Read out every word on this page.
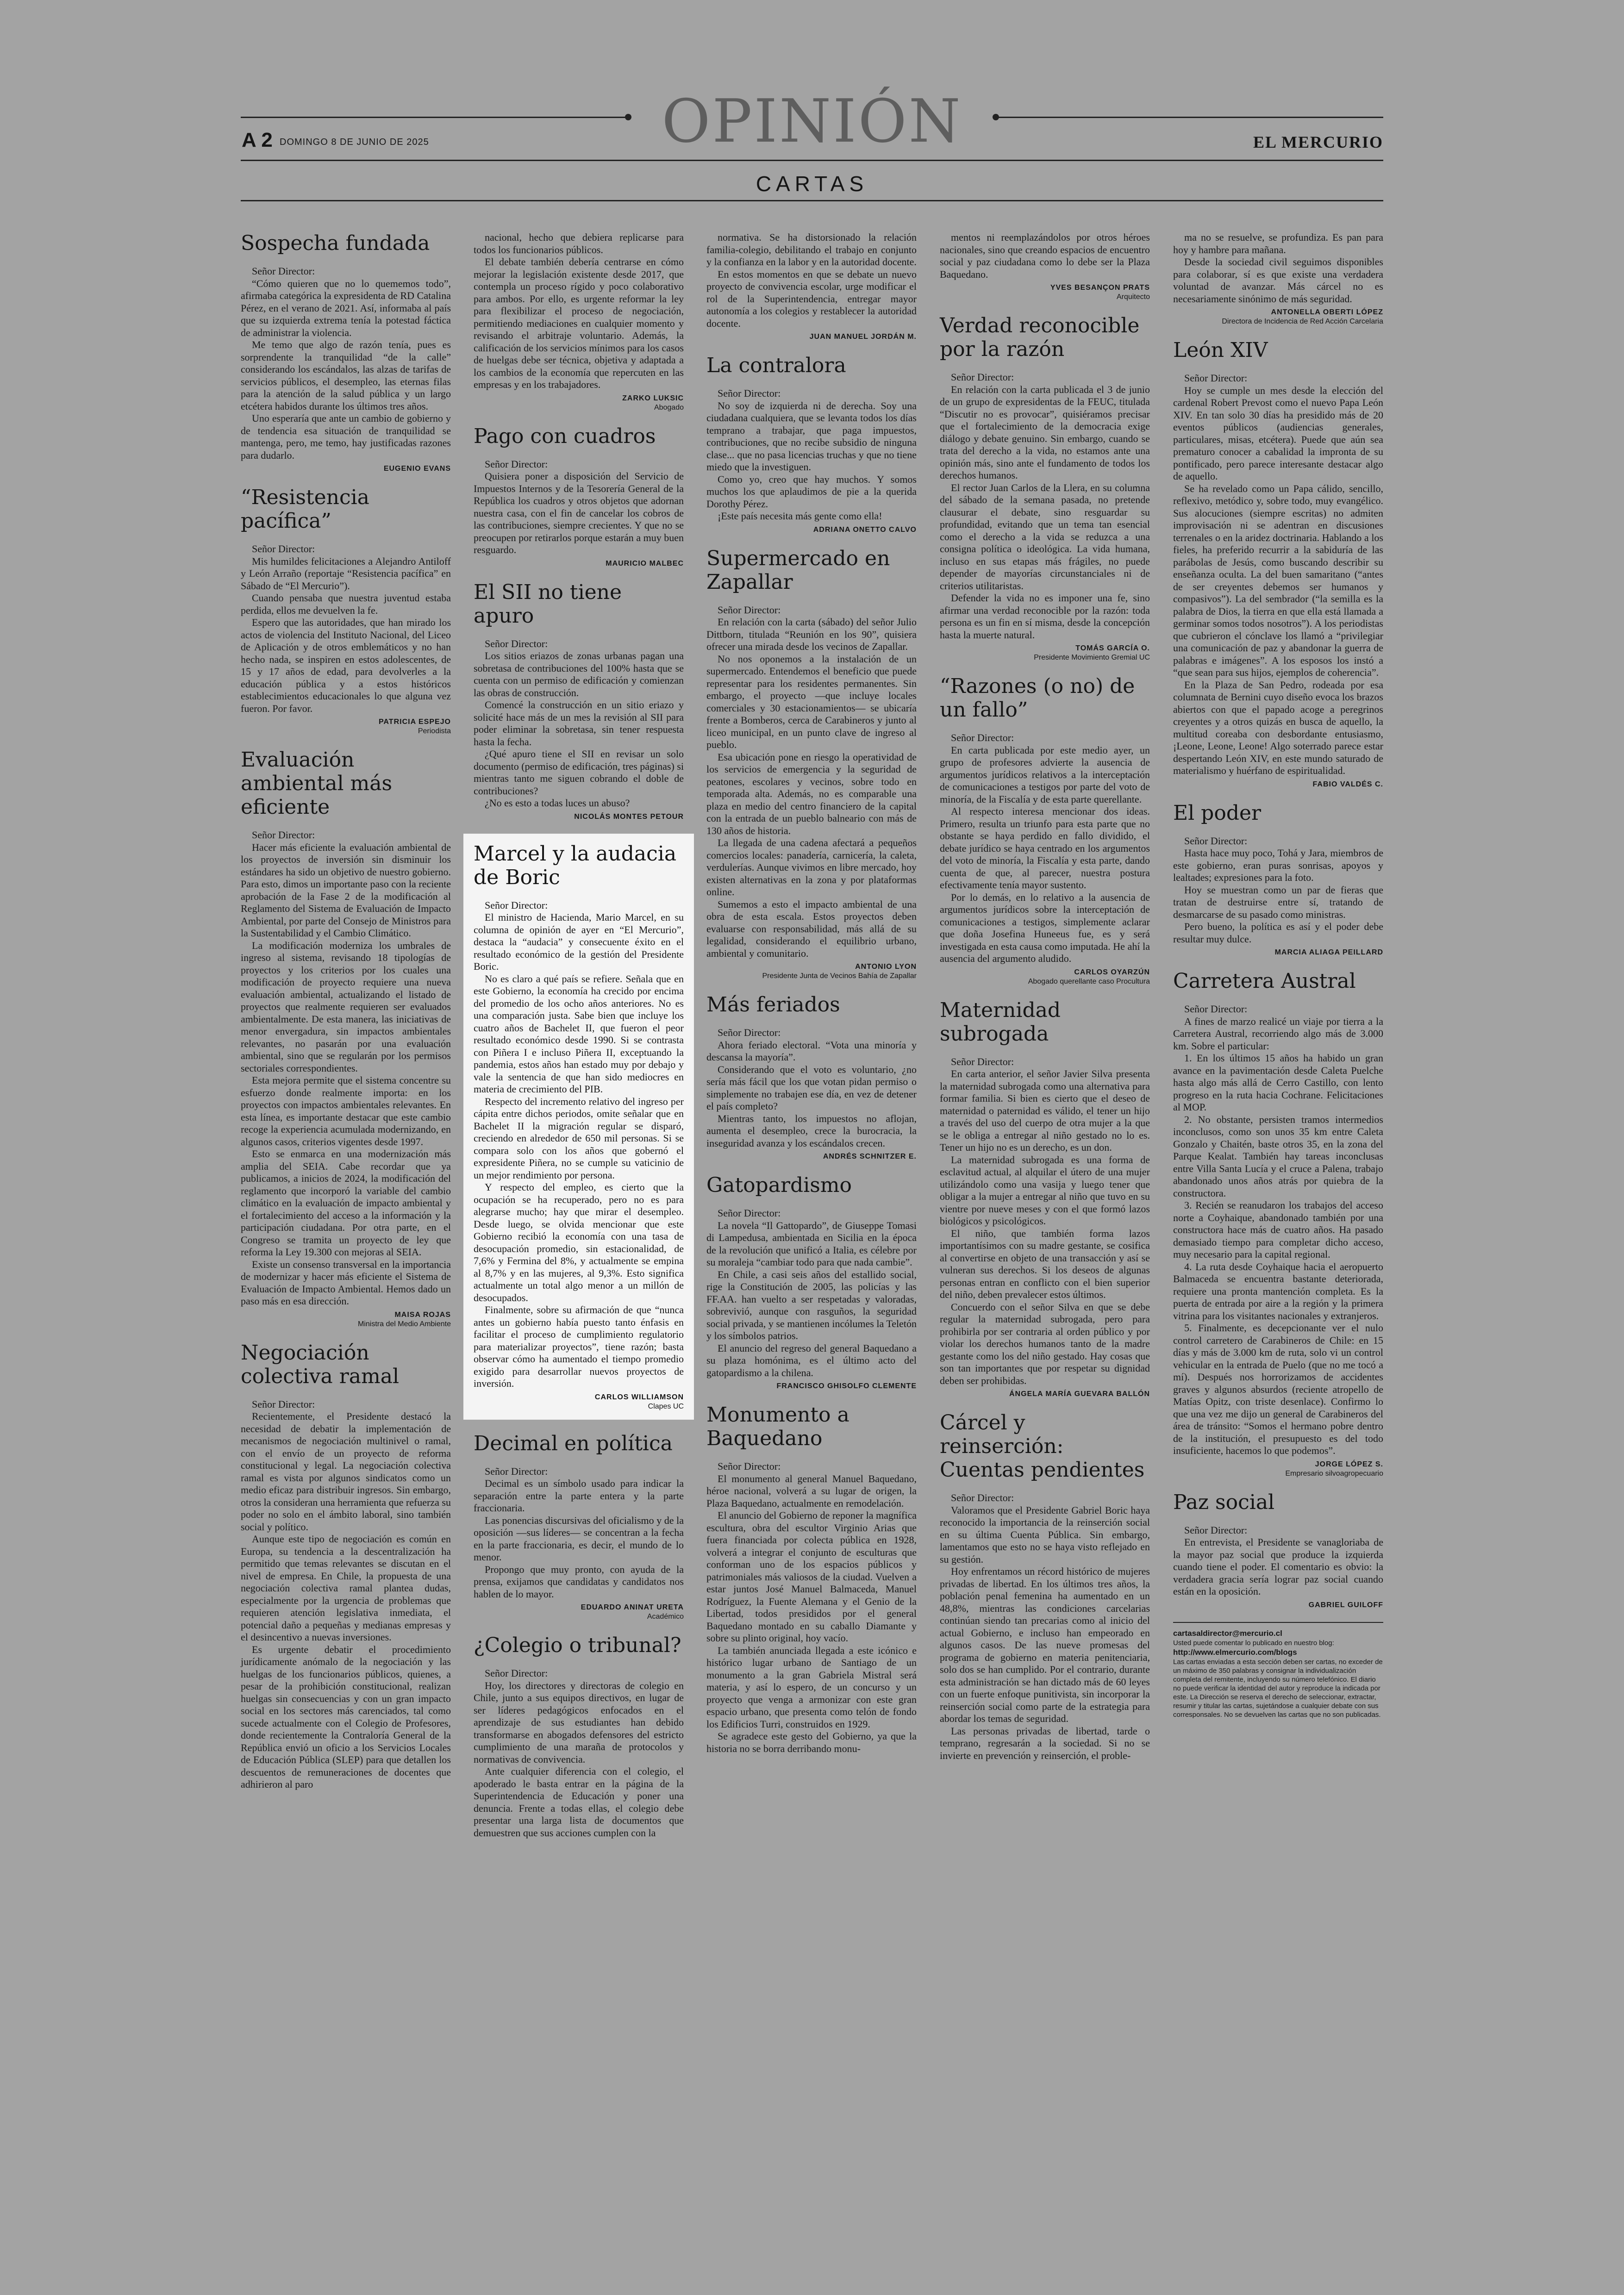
OPINIÓN
A 2 DOMINGO 8 DE JUNIO DE 2025	EL MERCURIO
CARTAS
Sospecha fundada

Señor Director:

“Cómo quieren que no lo quememos todo”, afirmaba categórica la expresidenta de RD Catalina Pérez, en el verano de 2021. Así, informaba al país que su izquierda extrema tenía la potestad fáctica de administrar la violencia.

Me temo que algo de razón tenía, pues es sorprendente la tranquilidad “de la calle” considerando los escándalos, las alzas de tarifas de servicios públicos, el desempleo, las eternas filas para la atención de la salud pública y un largo etcétera habidos durante los últimos tres años.

Uno esperaría que ante un cambio de gobierno y de tendencia esa situación de tranquilidad se mantenga, pero, me temo, hay justificadas razones para dudarlo.

EUGENIO EVANS
“Resistencia pacífica”

Señor Director:

Mis humildes felicitaciones a Alejandro Antiloff y León Arraño (reportaje “Resistencia pacífica” en Sábado de “El Mercurio”).

Cuando pensaba que nuestra juventud estaba perdida, ellos me devuelven la fe.

Espero que las autoridades, que han mirado los actos de violencia del Instituto Nacional, del Liceo de Aplicación y de otros emblemáticos y no han hecho nada, se inspiren en estos adolescentes, de 15 y 17 años de edad, para devolverles a la educación pública y a estos históricos establecimientos educacionales lo que alguna vez fueron. Por favor.

PATRICIA ESPEJO
Periodista
Evaluación ambiental más eficiente

Señor Director:

Hacer más eficiente la evaluación ambiental de los proyectos de inversión sin disminuir los estándares ha sido un objetivo de nuestro gobierno. Para esto, dimos un importante paso con la reciente aprobación de la Fase 2 de la modificación al Reglamento del Sistema de Evaluación de Impacto Ambiental, por parte del Consejo de Ministros para la Sustentabilidad y el Cambio Climático.

La modificación moderniza los umbrales de ingreso al sistema, revisando 18 tipologías de proyectos y los criterios por los cuales una modificación de proyecto requiere una nueva evaluación ambiental, actualizando el listado de proyectos que realmente requieren ser evaluados ambientalmente. De esta manera, las iniciativas de menor envergadura, sin impactos ambientales relevantes, no pasarán por una evaluación ambiental, sino que se regularán por los permisos sectoriales correspondientes.

Esta mejora permite que el sistema concentre su esfuerzo donde realmente importa: en los proyectos con impactos ambientales relevantes. En esta línea, es importante destacar que este cambio recoge la experiencia acumulada modernizando, en algunos casos, criterios vigentes desde 1997.

Esto se enmarca en una modernización más amplia del SEIA. Cabe recordar que ya publicamos, a inicios de 2024, la modificación del reglamento que incorporó la variable del cambio climático en la evaluación de impacto ambiental y el fortalecimiento del acceso a la información y la participación ciudadana. Por otra parte, en el Congreso se tramita un proyecto de ley que reforma la Ley 19.300 con mejoras al SEIA.

Existe un consenso transversal en la importancia de modernizar y hacer más eficiente el Sistema de Evaluación de Impacto Ambiental. Hemos dado un paso más en esa dirección.

MAISA ROJAS
Ministra del Medio Ambiente
Negociación colectiva ramal

Señor Director:

Recientemente, el Presidente destacó la necesidad de debatir la implementación de mecanismos de negociación multinivel o ramal, con el envío de un proyecto de reforma constitucional y legal. La negociación colectiva ramal es vista por algunos sindicatos como un medio eficaz para distribuir ingresos. Sin embargo, otros la consideran una herramienta que refuerza su poder no solo en el ámbito laboral, sino también social y político.

Aunque este tipo de negociación es común en Europa, su tendencia a la descentralización ha permitido que temas relevantes se discutan en el nivel de empresa. En Chile, la propuesta de una negociación colectiva ramal plantea dudas, especialmente por la urgencia de problemas que requieren atención legislativa inmediata, el potencial daño a pequeñas y medianas empresas y el desincentivo a nuevas inversiones.

Es urgente debatir el procedimiento jurídicamente anómalo de la negociación y las huelgas de los funcionarios públicos, quienes, a pesar de la prohibición constitucional, realizan huelgas sin consecuencias y con un gran impacto social en los sectores más carenciados, tal como sucede actualmente con el Colegio de Profesores, donde recientemente la Contraloría General de la República envió un oficio a los Servicios Locales de Educación Pública (SLEP) para que detallen los descuentos de remuneraciones de docentes que adhirieron al paro

nacional, hecho que debiera replicarse para todos los funcionarios públicos.

El debate también debería centrarse en cómo mejorar la legislación existente desde 2017, que contempla un proceso rígido y poco colaborativo para ambos. Por ello, es urgente reformar la ley para flexibilizar el proceso de negociación, permitiendo mediaciones en cualquier momento y revisando el arbitraje voluntario. Además, la calificación de los servicios mínimos para los casos de huelgas debe ser técnica, objetiva y adaptada a los cambios de la economía que repercuten en las empresas y en los trabajadores.

ZARKO LUKSIC
Abogado
Pago con cuadros

Señor Director:

Quisiera poner a disposición del Servicio de Impuestos Internos y de la Tesorería General de la República los cuadros y otros objetos que adornan nuestra casa, con el fin de cancelar los cobros de las contribuciones, siempre crecientes. Y que no se preocupen por retirarlos porque estarán a muy buen resguardo.

MAURICIO MALBEC
El SII no tiene apuro

Señor Director:

Los sitios eriazos de zonas urbanas pagan una sobretasa de contribuciones del 100% hasta que se cuenta con un permiso de edificación y comienzan las obras de construcción.

Comencé la construcción en un sitio eriazo y solicité hace más de un mes la revisión al SII para poder eliminar la sobretasa, sin tener respuesta hasta la fecha.

¿Qué apuro tiene el SII en revisar un solo documento (permiso de edificación, tres páginas) si mientras tanto me siguen cobrando el doble de contribuciones?

¿No es esto a todas luces un abuso?

NICOLÁS MONTES PETOUR
Marcel y la audacia de Boric

Señor Director:

El ministro de Hacienda, Mario Marcel, en su columna de opinión de ayer en “El Mercurio”, destaca la “audacia” y consecuente éxito en el resultado económico de la gestión del Presidente Boric.

No es claro a qué país se refiere. Señala que en este Gobierno, la economía ha crecido por encima del promedio de los ocho años anteriores. No es una comparación justa. Sabe bien que incluye los cuatro años de Bachelet II, que fueron el peor resultado económico desde 1990. Si se contrasta con Piñera I e incluso Piñera II, exceptuando la pandemia, estos años han estado muy por debajo y vale la sentencia de que han sido mediocres en materia de crecimiento del PIB.

Respecto del incremento relativo del ingreso per cápita entre dichos periodos, omite señalar que en Bachelet II la migración regular se disparó, creciendo en alrededor de 650 mil personas. Si se compara solo con los años que gobernó el expresidente Piñera, no se cumple su vaticinio de un mejor rendimiento por persona.

Y respecto del empleo, es cierto que la ocupación se ha recuperado, pero no es para alegrarse mucho; hay que mirar el desempleo. Desde luego, se olvida mencionar que este Gobierno recibió la economía con una tasa de desocupación promedio, sin estacionalidad, de 7,6% y Fermina del 8%, y actualmente se empina al 8,7% y en las mujeres, al 9,3%. Esto significa actualmente un total algo menor a un millón de desocupados.

Finalmente, sobre su afirmación de que “nunca antes un gobierno había puesto tanto énfasis en facilitar el proceso de cumplimiento regulatorio para materializar proyectos”, tiene razón; basta observar cómo ha aumentado el tiempo promedio exigido para desarrollar nuevos proyectos de inversión.

CARLOS WILLIAMSON
Clapes UC
Decimal en política

Señor Director:

Decimal es un símbolo usado para indicar la separación entre la parte entera y la parte fraccionaria.

Las ponencias discursivas del oficialismo y de la oposición —sus líderes— se concentran a la fecha en la parte fraccionaria, es decir, el mundo de lo menor.

Propongo que muy pronto, con ayuda de la prensa, exijamos que candidatas y candidatos nos hablen de lo mayor.

EDUARDO ANINAT URETA
Académico
¿Colegio o tribunal?

Señor Director:

Hoy, los directores y directoras de colegio en Chile, junto a sus equipos directivos, en lugar de ser líderes pedagógicos enfocados en el aprendizaje de sus estudiantes han debido transformarse en abogados defensores del estricto cumplimiento de una maraña de protocolos y normativas de convivencia.

Ante cualquier diferencia con el colegio, el apoderado le basta entrar en la página de la Superintendencia de Educación y poner una denuncia. Frente a todas ellas, el colegio debe presentar una larga lista de documentos que demuestren que sus acciones cumplen con la

normativa. Se ha distorsionado la relación familia-colegio, debilitando el trabajo en conjunto y la confianza en la labor y en la autoridad docente.

En estos momentos en que se debate un nuevo proyecto de convivencia escolar, urge modificar el rol de la Superintendencia, entregar mayor autonomía a los colegios y restablecer la autoridad docente.

JUAN MANUEL JORDÁN M.
La contralora

Señor Director:

No soy de izquierda ni de derecha. Soy una ciudadana cualquiera, que se levanta todos los días temprano a trabajar, que paga impuestos, contribuciones, que no recibe subsidio de ninguna clase... que no pasa licencias truchas y que no tiene miedo que la investiguen.

Como yo, creo que hay muchos. Y somos muchos los que aplaudimos de pie a la querida Dorothy Pérez.

¡Este país necesita más gente como ella!

ADRIANA ONETTO CALVO
Supermercado en Zapallar

Señor Director:

En relación con la carta (sábado) del señor Julio Dittborn, titulada “Reunión en los 90”, quisiera ofrecer una mirada desde los vecinos de Zapallar.

No nos oponemos a la instalación de un supermercado. Entendemos el beneficio que puede representar para los residentes permanentes. Sin embargo, el proyecto —que incluye locales comerciales y 30 estacionamientos— se ubicaría frente a Bomberos, cerca de Carabineros y junto al liceo municipal, en un punto clave de ingreso al pueblo.

Esa ubicación pone en riesgo la operatividad de los servicios de emergencia y la seguridad de peatones, escolares y vecinos, sobre todo en temporada alta. Además, no es comparable una plaza en medio del centro financiero de la capital con la entrada de un pueblo balneario con más de 130 años de historia.

La llegada de una cadena afectará a pequeños comercios locales: panadería, carnicería, la caleta, verdulerías. Aunque vivimos en libre mercado, hoy existen alternativas en la zona y por plataformas online.

Sumemos a esto el impacto ambiental de una obra de esta escala. Estos proyectos deben evaluarse con responsabilidad, más allá de su legalidad, considerando el equilibrio urbano, ambiental y comunitario.

ANTONIO LYON
Presidente Junta de Vecinos Bahía de Zapallar
Más feriados

Señor Director:

Ahora feriado electoral. “Vota una minoría y descansa la mayoría”.

Considerando que el voto es voluntario, ¿no sería más fácil que los que votan pidan permiso o simplemente no trabajen ese día, en vez de detener el país completo?

Mientras tanto, los impuestos no aflojan, aumenta el desempleo, crece la burocracia, la inseguridad avanza y los escándalos crecen.

ANDRÉS SCHNITZER E.
Gatopardismo

Señor Director:

La novela “Il Gattopardo”, de Giuseppe Tomasi di Lampedusa, ambientada en Sicilia en la época de la revolución que unificó a Italia, es célebre por su moraleja “cambiar todo para que nada cambie”.

En Chile, a casi seis años del estallido social, rige la Constitución de 2005, las policías y las FF.AA. han vuelto a ser respetadas y valoradas, sobrevivió, aunque con rasguños, la seguridad social privada, y se mantienen incólumes la Teletón y los símbolos patrios.

El anuncio del regreso del general Baquedano a su plaza homónima, es el último acto del gatopardismo a la chilena.

FRANCISCO GHISOLFO CLEMENTE
Monumento a Baquedano

Señor Director:

El monumento al general Manuel Baquedano, héroe nacional, volverá a su lugar de origen, la Plaza Baquedano, actualmente en remodelación.

El anuncio del Gobierno de reponer la magnífica escultura, obra del escultor Virginio Arias que fuera financiada por colecta pública en 1928, volverá a integrar el conjunto de esculturas que conforman uno de los espacios públicos y patrimoniales más valiosos de la ciudad. Vuelven a estar juntos José Manuel Balmaceda, Manuel Rodríguez, la Fuente Alemana y el Genio de la Libertad, todos presididos por el general Baquedano montado en su caballo Diamante y sobre su plinto original, hoy vacío.

La también anunciada llegada a este icónico e histórico lugar urbano de Santiago de un monumento a la gran Gabriela Mistral será materia, y así lo espero, de un concurso y un proyecto que venga a armonizar con este gran espacio urbano, que presenta como telón de fondo los Edificios Turri, construidos en 1929.

Se agradece este gesto del Gobierno, ya que la historia no se borra derribando monu-

mentos ni reemplazándolos por otros héroes nacionales, sino que creando espacios de encuentro social y paz ciudadana como lo debe ser la Plaza Baquedano.

YVES BESANÇON PRATS
Arquitecto
Verdad reconocible por la razón

Señor Director:

En relación con la carta publicada el 3 de junio de un grupo de expresidentas de la FEUC, titulada “Discutir no es provocar”, quisiéramos precisar que el fortalecimiento de la democracia exige diálogo y debate genuino. Sin embargo, cuando se trata del derecho a la vida, no estamos ante una opinión más, sino ante el fundamento de todos los derechos humanos.

El rector Juan Carlos de la Llera, en su columna del sábado de la semana pasada, no pretende clausurar el debate, sino resguardar su profundidad, evitando que un tema tan esencial como el derecho a la vida se reduzca a una consigna política o ideológica. La vida humana, incluso en sus etapas más frágiles, no puede depender de mayorías circunstanciales ni de criterios utilitaristas.

Defender la vida no es imponer una fe, sino afirmar una verdad reconocible por la razón: toda persona es un fin en sí misma, desde la concepción hasta la muerte natural.

TOMÁS GARCÍA O.
Presidente Movimiento Gremial UC
“Razones (o no) de un fallo”

Señor Director:

En carta publicada por este medio ayer, un grupo de profesores advierte la ausencia de argumentos jurídicos relativos a la interceptación de comunicaciones a testigos por parte del voto de minoría, de la Fiscalía y de esta parte querellante.

Al respecto interesa mencionar dos ideas. Primero, resulta un triunfo para esta parte que no obstante se haya perdido en fallo dividido, el debate jurídico se haya centrado en los argumentos del voto de minoría, la Fiscalía y esta parte, dando cuenta de que, al parecer, nuestra postura efectivamente tenía mayor sustento.

Por lo demás, en lo relativo a la ausencia de argumentos jurídicos sobre la interceptación de comunicaciones a testigos, simplemente aclarar que doña Josefina Huneeus fue, es y será investigada en esta causa como imputada. He ahí la ausencia del argumento aludido.

CARLOS OYARZÚN
Abogado querellante caso Procultura
Maternidad subrogada

Señor Director:

En carta anterior, el señor Javier Silva presenta la maternidad subrogada como una alternativa para formar familia. Si bien es cierto que el deseo de maternidad o paternidad es válido, el tener un hijo a través del uso del cuerpo de otra mujer a la que se le obliga a entregar al niño gestado no lo es. Tener un hijo no es un derecho, es un don.

La maternidad subrogada es una forma de esclavitud actual, al alquilar el útero de una mujer utilizándolo como una vasija y luego tener que obligar a la mujer a entregar al niño que tuvo en su vientre por nueve meses y con el que formó lazos biológicos y psicológicos.

El niño, que también forma lazos importantísimos con su madre gestante, se cosifica al convertirse en objeto de una transacción y así se vulneran sus derechos. Si los deseos de algunas personas entran en conflicto con el bien superior del niño, deben prevalecer estos últimos.

Concuerdo con el señor Silva en que se debe regular la maternidad subrogada, pero para prohibirla por ser contraria al orden público y por violar los derechos humanos tanto de la madre gestante como los del niño gestado. Hay cosas que son tan importantes que por respetar su dignidad deben ser prohibidas.

ÁNGELA MARÍA GUEVARA BALLÓN
Cárcel y reinserción: Cuentas pendientes

Señor Director:

Valoramos que el Presidente Gabriel Boric haya reconocido la importancia de la reinserción social en su última Cuenta Pública. Sin embargo, lamentamos que esto no se haya visto reflejado en su gestión.

Hoy enfrentamos un récord histórico de mujeres privadas de libertad. En los últimos tres años, la población penal femenina ha aumentado en un 48,8%, mientras las condiciones carcelarias continúan siendo tan precarias como al inicio del actual Gobierno, e incluso han empeorado en algunos casos. De las nueve promesas del programa de gobierno en materia penitenciaria, solo dos se han cumplido. Por el contrario, durante esta administración se han dictado más de 60 leyes con un fuerte enfoque punitivista, sin incorporar la reinserción social como parte de la estrategia para abordar los temas de seguridad.

Las personas privadas de libertad, tarde o temprano, regresarán a la sociedad. Si no se invierte en prevención y reinserción, el proble-

ma no se resuelve, se profundiza. Es pan para hoy y hambre para mañana.

Desde la sociedad civil seguimos disponibles para colaborar, sí es que existe una verdadera voluntad de avanzar. Más cárcel no es necesariamente sinónimo de más seguridad.

ANTONELLA OBERTI LÓPEZ
Directora de Incidencia de Red Acción Carcelaria
León XIV

Señor Director:

Hoy se cumple un mes desde la elección del cardenal Robert Prevost como el nuevo Papa León XIV. En tan solo 30 días ha presidido más de 20 eventos públicos (audiencias generales, particulares, misas, etcétera). Puede que aún sea prematuro conocer a cabalidad la impronta de su pontificado, pero parece interesante destacar algo de aquello.

Se ha revelado como un Papa cálido, sencillo, reflexivo, metódico y, sobre todo, muy evangélico. Sus alocuciones (siempre escritas) no admiten improvisación ni se adentran en discusiones terrenales o en la aridez doctrinaria. Hablando a los fieles, ha preferido recurrir a la sabiduría de las parábolas de Jesús, como buscando describir su enseñanza oculta. La del buen samaritano (“antes de ser creyentes debemos ser humanos y compasivos”). La del sembrador (“la semilla es la palabra de Dios, la tierra en que ella está llamada a germinar somos todos nosotros”). A los periodistas que cubrieron el cónclave los llamó a “privilegiar una comunicación de paz y abandonar la guerra de palabras e imágenes”. A los esposos los instó a “que sean para sus hijos, ejemplos de coherencia”.

En la Plaza de San Pedro, rodeada por esa columnata de Bernini cuyo diseño evoca los brazos abiertos con que el papado acoge a peregrinos creyentes y a otros quizás en busca de aquello, la multitud coreaba con desbordante entusiasmo, ¡Leone, Leone, Leone! Algo soterrado parece estar despertando León XIV, en este mundo saturado de materialismo y huérfano de espiritualidad.

FABIO VALDÉS C.
El poder

Señor Director:

Hasta hace muy poco, Tohá y Jara, miembros de este gobierno, eran puras sonrisas, apoyos y lealtades; expresiones para la foto.

Hoy se muestran como un par de fieras que tratan de destruirse entre sí, tratando de desmarcarse de su pasado como ministras.

Pero bueno, la política es así y el poder debe resultar muy dulce.

MARCIA ALIAGA PEILLARD
Carretera Austral

Señor Director:

A fines de marzo realicé un viaje por tierra a la Carretera Austral, recorriendo algo más de 3.000 km. Sobre el particular:

1. En los últimos 15 años ha habido un gran avance en la pavimentación desde Caleta Puelche hasta algo más allá de Cerro Castillo, con lento progreso en la ruta hacia Cochrane. Felicitaciones al MOP.

2. No obstante, persisten tramos intermedios inconclusos, como son unos 35 km entre Caleta Gonzalo y Chaitén, baste otros 35, en la zona del Parque Kealat. También hay tareas inconclusas entre Villa Santa Lucía y el cruce a Palena, trabajo abandonado unos años atrás por quiebra de la constructora.

3. Recién se reanudaron los trabajos del acceso norte a Coyhaique, abandonado también por una constructora hace más de cuatro años. Ha pasado demasiado tiempo para completar dicho acceso, muy necesario para la capital regional.

4. La ruta desde Coyhaique hacia el aeropuerto Balmaceda se encuentra bastante deteriorada, requiere una pronta mantención completa. Es la puerta de entrada por aire a la región y la primera vitrina para los visitantes nacionales y extranjeros.

5. Finalmente, es decepcionante ver el nulo control carretero de Carabineros de Chile: en 15 días y más de 3.000 km de ruta, solo vi un control vehicular en la entrada de Puelo (que no me tocó a mí). Después nos horrorizamos de accidentes graves y algunos absurdos (reciente atropello de Matías Opitz, con triste desenlace). Confirmo lo que una vez me dijo un general de Carabineros del área de tránsito: “Somos el hermano pobre dentro de la institución, el presupuesto es del todo insuficiente, hacemos lo que podemos”.

JORGE LÓPEZ S.
Empresario silvoagropecuario
Paz social

Señor Director:

En entrevista, el Presidente se vanagloriaba de la mayor paz social que produce la izquierda cuando tiene el poder. El comentario es obvio: la verdadera gracia sería lograr paz social cuando están en la oposición.

GABRIEL GUILOFF
cartasaldirector@mercurio.cl
Usted puede comentar lo publicado en nuestro blog:
http://www.elmercurio.com/blogs
Las cartas enviadas a esta sección deben ser cartas, no exceder de un máximo de 350 palabras y consignar la individualización completa del remitente, incluyendo su número telefónico. El diario no puede verificar la identidad del autor y reproduce la indicada por este. La Dirección se reserva el derecho de seleccionar, extractar, resumir y titular las cartas, sujetándose a cualquier debate con sus corresponsales. No se devuelven las cartas que no son publicadas.
